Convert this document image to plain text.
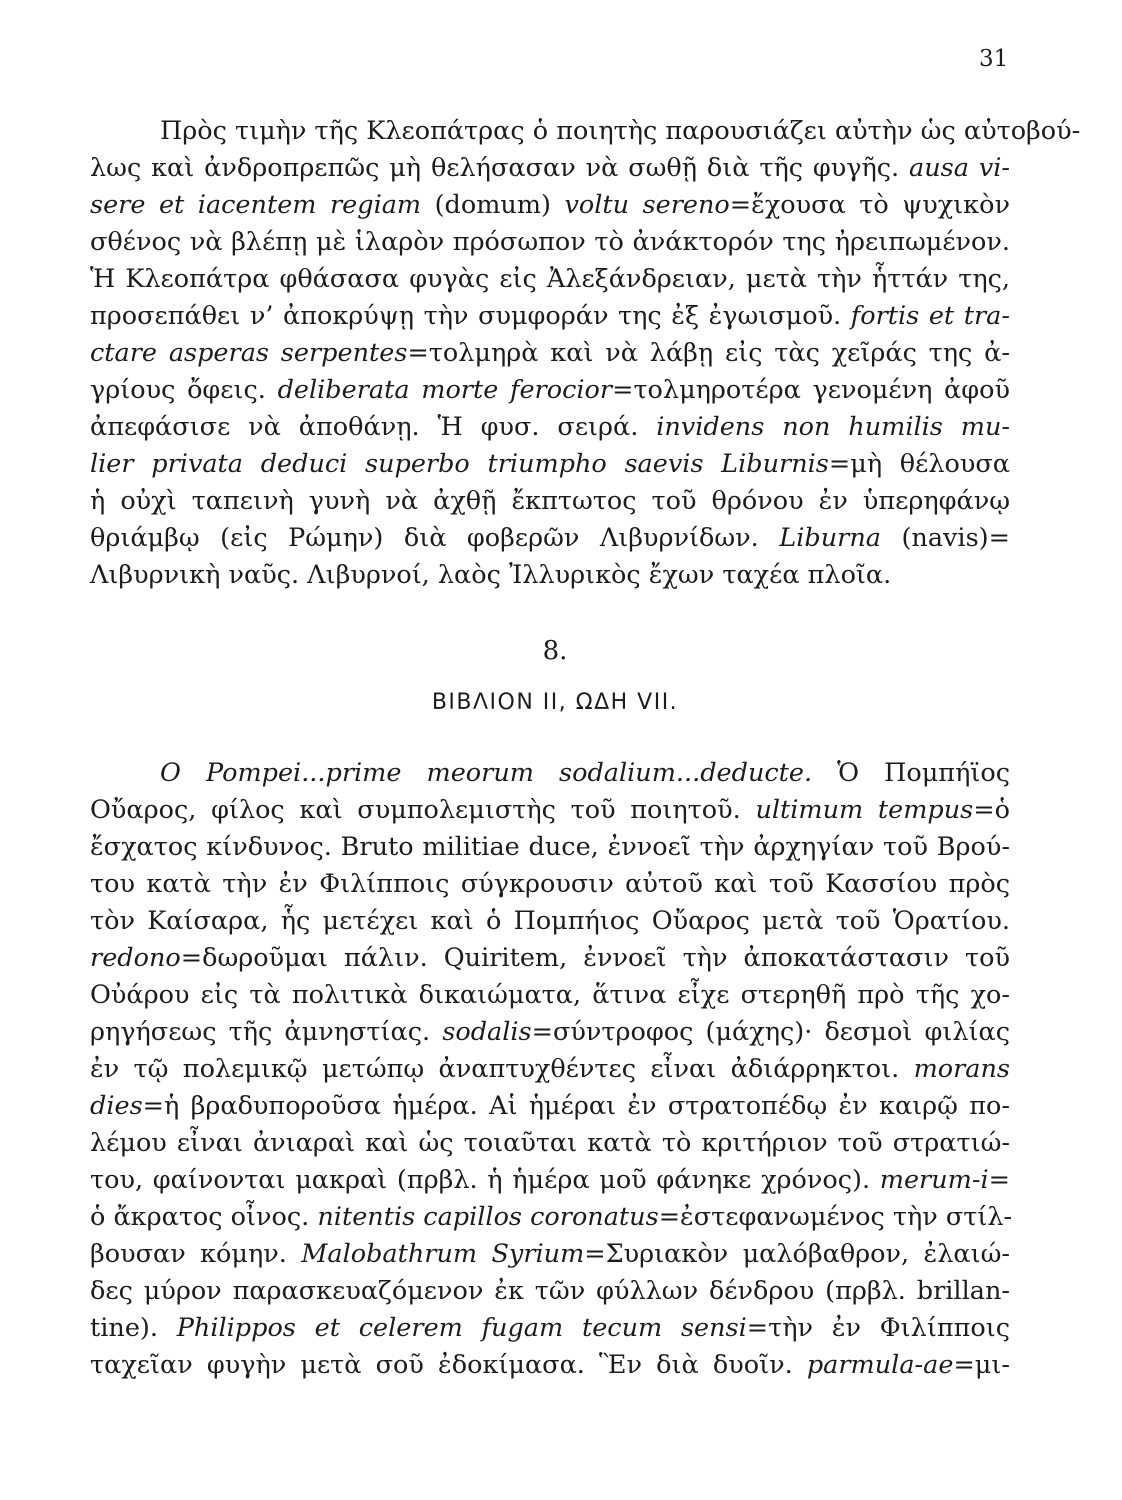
31
Πρὸς τιμὴν τῆς Κλεοπάτρας ὁ ποιητὴς παρουσιάζει αὐτὴν ὡς αὐτοβού-
λως καὶ ἀνδροπρεπῶς μὴ θελήσασαν νὰ σωθῇ διὰ τῆς φυγῆς. ausa vi-
sere et iacentem regiam (domum) voltu sereno=ἔχουσα τὸ ψυχικὸν
σθένος νὰ βλέπῃ μὲ ἱλαρὸν πρόσωπον τὸ ἀνάκτορόν της ἠρειπωμένον.
Ἡ Κλεοπάτρα φθάσασα φυγὰς εἰς Ἀλεξάνδρειαν, μετὰ τὴν ἧττάν της,
προσεπάθει ν’ ἀποκρύψῃ τὴν συμφοράν της ἐξ ἐγωισμοῦ. fortis et tra-
ctare asperas serpentes=τολμηρὰ καὶ νὰ λάβῃ εἰς τὰς χεῖράς της ἀ-
γρίους ὄφεις. deliberata morte ferocior=τολμηροτέρα γενομένη ἀφοῦ
ἀπεφάσισε νὰ ἀποθάνῃ. Ἡ φυσ. σειρά. invidens non humilis mu-
lier privata deduci superbo triumpho saevis Liburnis=μὴ θέλουσα
ἡ οὐχὶ ταπεινὴ γυνὴ νὰ ἀχθῇ ἔκπτωτος τοῦ θρόνου ἐν ὑπερηφάνῳ
θριάμβῳ (εἰς Ρώμην) διὰ φοβερῶν Λιβυρνίδων. Liburna (navis)=
Λιβυρνικὴ ναῦς. Λιβυρνοί, λαὸς Ἰλλυρικὸς ἔχων ταχέα πλοῖα.
8.
ΒΙΒΛΙΟΝ II, ΩΔΗ VII.
O Pompei...prime meorum sodalium...deducte. Ὁ Πομπήϊος
Οὔαρος, φίλος καὶ συμπολεμιστὴς τοῦ ποιητοῦ. ultimum tempus=ὁ
ἔσχατος κίνδυνος. Bruto militiae duce, ἐννοεῖ τὴν ἀρχηγίαν τοῦ Βρού-
του κατὰ τὴν ἐν Φιλίπποις σύγκρουσιν αὐτοῦ καὶ τοῦ Κασσίου πρὸς
τὸν Καίσαρα, ἧς μετέχει καὶ ὁ Πομπήιος Οὔαρος μετὰ τοῦ Ὁρατίου.
redono=δωροῦμαι πάλιν. Quiritem, ἐννοεῖ τὴν ἀποκατάστασιν τοῦ
Οὐάρου εἰς τὰ πολιτικὰ δικαιώματα, ἅτινα εἶχε στερηθῆ πρὸ τῆς χο-
ρηγήσεως τῆς ἀμνηστίας. sodalis=σύντροφος (μάχης)· δεσμοὶ φιλίας
ἐν τῷ πολεμικῷ μετώπῳ ἀναπτυχθέντες εἶναι ἀδιάρρηκτοι. morans
dies=ἡ βραδυποροῦσα ἡμέρα. Αἱ ἡμέραι ἐν στρατοπέδῳ ἐν καιρῷ πο-
λέμου εἶναι ἀνιαραὶ καὶ ὡς τοιαῦται κατὰ τὸ κριτήριον τοῦ στρατιώ-
του, φαίνονται μακραὶ (πρβλ. ἡ ἡμέρα μοῦ φάνηκε χρόνος). merum-i=
ὁ ἄκρατος οἶνος. nitentis capillos coronatus=ἐστεφανωμένος τὴν στίλ-
βουσαν κόμην. Malobathrum Syrium=Συριακὸν μαλόβαθρον, ἐλαιώ-
δες μύρον παρασκευαζόμενον ἐκ τῶν φύλλων δένδρου (πρβλ. brillan-
tine). Philippos et celerem fugam tecum sensi=τὴν ἐν Φιλίπποις
ταχεῖαν φυγὴν μετὰ σοῦ ἐδοκίμασα. Ἓν διὰ δυοῖν. parmula-ae=μι-
